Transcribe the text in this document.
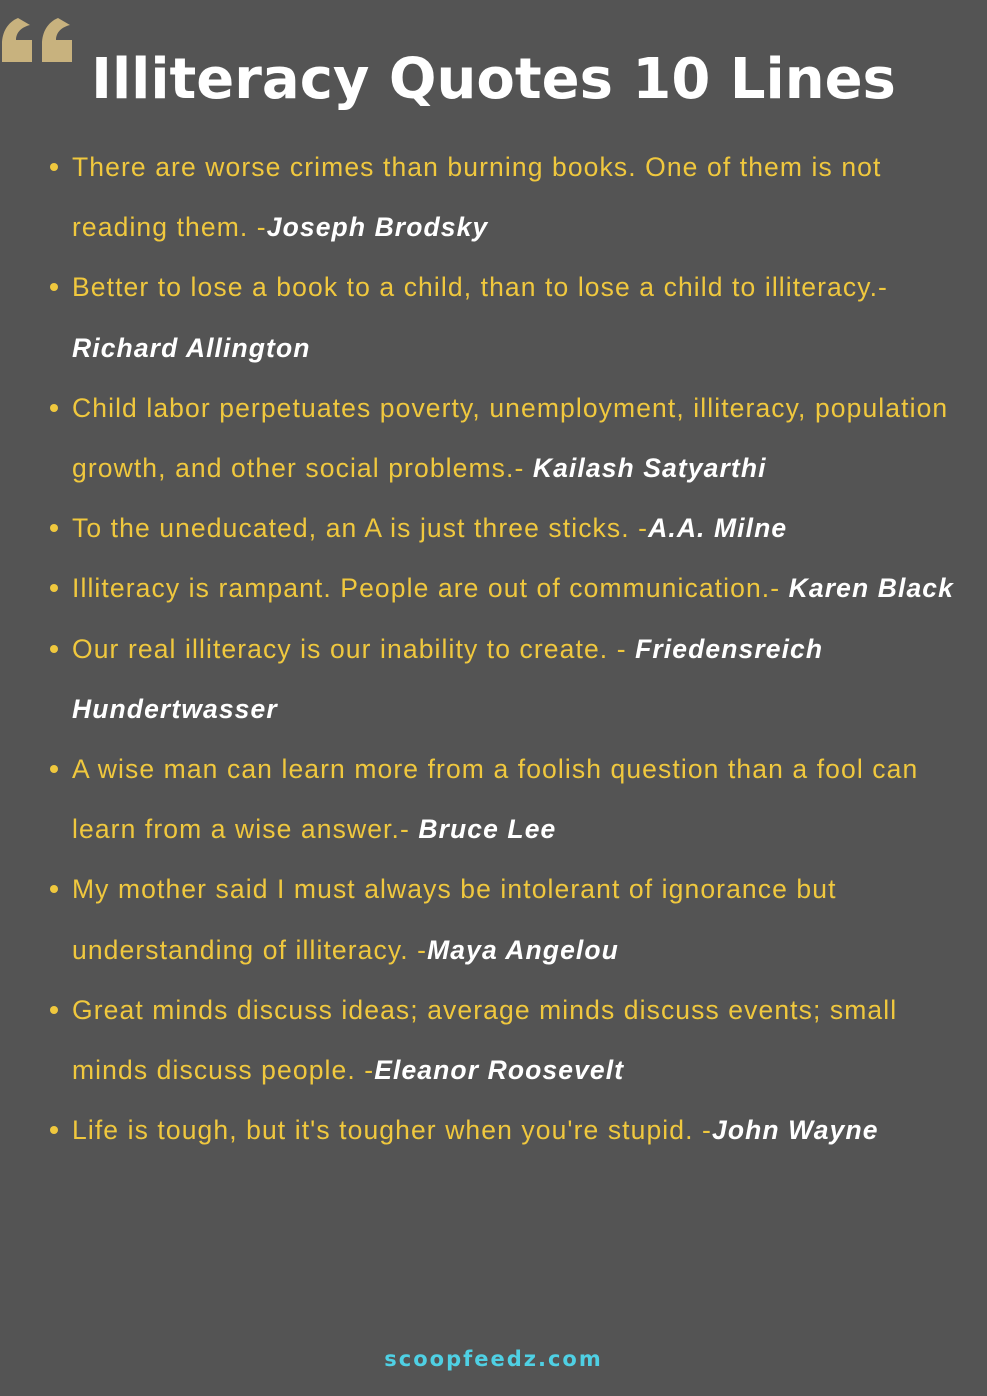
Illiteracy Quotes 10 Lines
There are worse crimes than burning books. One of them is not reading them. -Joseph Brodsky
Better to lose a book to a child, than to lose a child to illiteracy.- Richard Allington
Child labor perpetuates poverty, unemployment, illiteracy, population growth, and other social problems.- Kailash Satyarthi
To the uneducated, an A is just three sticks. -A.A. Milne
Illiteracy is rampant. People are out of communication.- Karen Black
Our real illiteracy is our inability to create. - Friedensreich Hundertwasser
A wise man can learn more from a foolish question than a fool can learn from a wise answer.- Bruce Lee
My mother said I must always be intolerant of ignorance but understanding of illiteracy. -Maya Angelou
Great minds discuss ideas; average minds discuss events; small minds discuss people. -Eleanor Roosevelt
Life is tough, but it's tougher when you're stupid. -John Wayne
scoopfeedz.com
